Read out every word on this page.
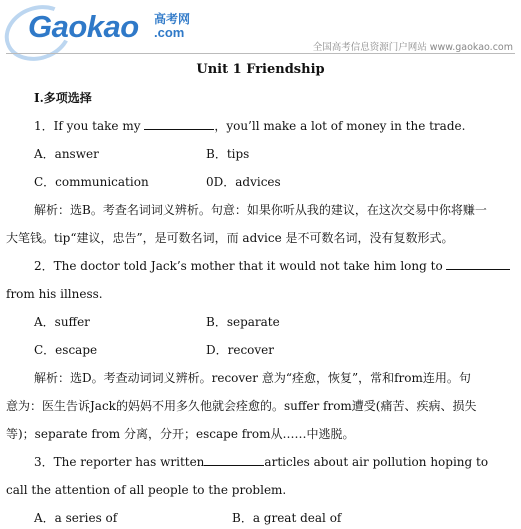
Gaokao 高考网
.com
全国高考信息资源门户网站 www.gaokao.com
Unit 1 Friendship
Ⅰ.多项选择
1．If you take my	，you’ll make a lot of money in the trade.
A．answer	B．tips
C．communication	0D．advices
解析：选B。考查名词词义辨析。句意：如果你听从我的建议，在这次交易中你将赚一
大笔钱。tip“建议，忠告”，是可数名词，而 advice 是不可数名词，没有复数形式。
2．The doctor told Jack’s mother that it would not take him long to
from his illness.
A．suffer	B．separate
C．escape	D．recover
解析：选D。考查动词词义辨析。recover 意为“痊愈，恢复”，常和from连用。句
意为：医生告诉Jack的妈妈不用多久他就会痊愈的。suffer from遭受(痛苦、疾病、损失
等)；separate from 分离，分开；escape from从……中逃脱。
3．The reporter has written	articles about air pollution hoping to
call the attention of all people to the problem.
A．a series of	B．a great deal of
